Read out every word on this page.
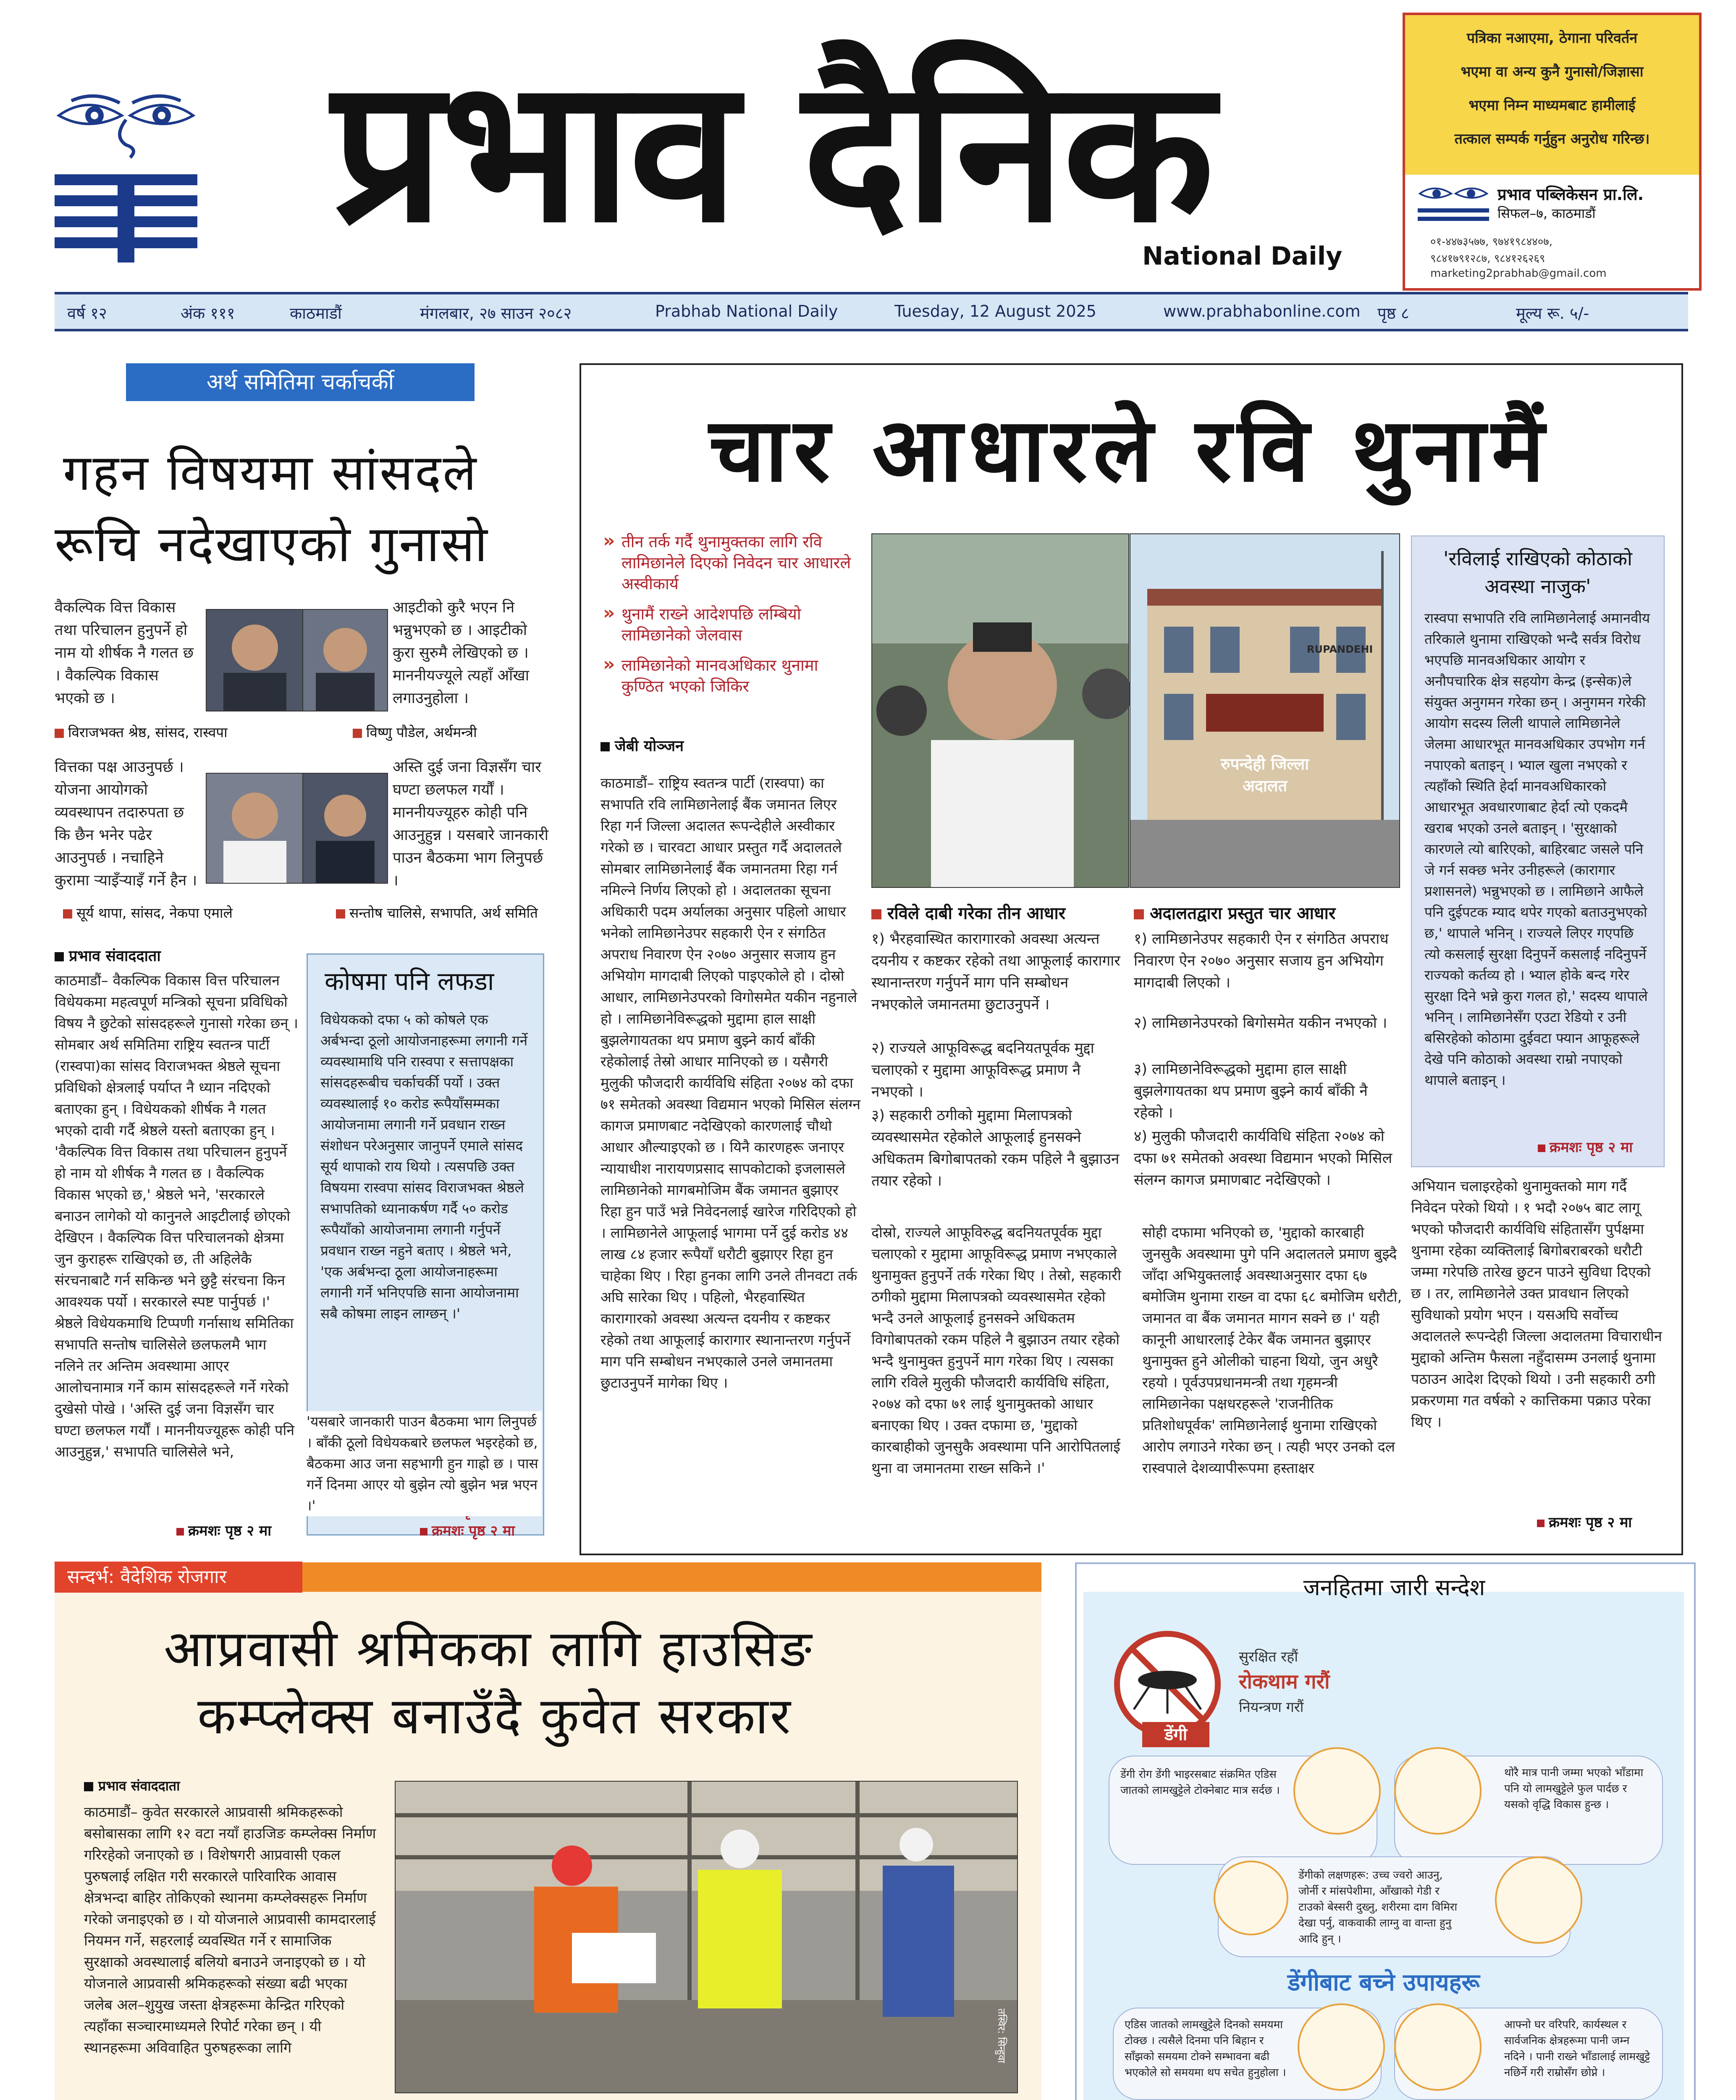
प्रभाव दैनिक
National Daily
पत्रिका नआएमा, ठेगाना परिवर्तन
भएमा वा अन्य कुनै गुनासो/जिज्ञासा
भएमा निम्न माध्यमबाट हामीलाई
तत्काल सम्पर्क गर्नुहुन अनुरोध गरिन्छ।
प्रभाव पब्लिकेसन प्रा.लि.
सिफल–७, काठमाडौं
०१-४४७३५७७, ९७४१९८४४०७,
९८४१७९१२८७, ९८४१२६२६९
marketing2prabhab@gmail.com
वर्ष १२	अंक १११	काठमाडौं	मंगलबार, २७ साउन २०८२	Prabhab National Daily	Tuesday, 12 August 2025	www.prabhabonline.com पृष्ठ ८	मूल्य रू. ५/-
अर्थ समितिमा चर्काचर्की
गहन विषयमा सांसदले
रूचि नदेखाएको गुनासो
वैकल्पिक वित्त विकास तथा परिचालन हुनुपर्ने हो नाम यो शीर्षक नै गलत छ । वैकल्पिक विकास भएको छ ।
विराजभक्त श्रेष्ठ, सांसद, रास्वपा
आइटीको कुरै भएन नि भन्नुभएको छ । आइटीको कुरा सुरुमै लेखिएको छ । माननीयज्यूले त्यहाँ आँखा लगाउनुहोला ।
विष्णु पौडेल, अर्थमन्त्री
वित्तका पक्ष आउनुपर्छ । योजना आयोगको व्यवस्थापन तदारुपता छ कि छैन भनेर पढेर आउनुपर्छ । नचाहिने कुरामा ऱ्याइँऱ्याइँ गर्ने हैन ।
सूर्य थापा, सांसद, नेकपा एमाले
अस्ति दुई जना विज्ञसँग चार घण्टा छलफल गर्यौं । माननीयज्यूहरु कोही पनि आउनुहुन्न । यसबारे जानकारी पाउन बैठकमा भाग लिनुपर्छ ।
सन्तोष चालिसे, सभापति, अर्थ समिति
प्रभाव संवाददाता
काठमाडौं– वैकल्पिक विकास वित्त परिचालन विधेयकमा महत्वपूर्ण मन्त्रिको सूचना प्रविधिको विषय नै छुटेको सांसदहरूले गुनासो गरेका छन् । सोमबार अर्थ समितिमा राष्ट्रिय स्वतन्त्र पार्टी (रास्वपा)का सांसद विराजभक्त श्रेष्ठले सूचना प्रविधिको क्षेत्रलाई पर्याप्त नै ध्यान नदिएको बताएका हुन् । विधेयकको शीर्षक नै गलत भएको दावी गर्दै श्रेष्ठले यस्तो बताएका हुन् । 'वैकल्पिक वित्त विकास तथा परिचालन हुनुपर्ने हो नाम यो शीर्षक नै गलत छ । वैकल्पिक विकास भएको छ,' श्रेष्ठले भने, 'सरकारले बनाउन लागेको यो कानुनले आइटीलाई छोएको देखिएन । वैकल्पिक वित्त परिचालनको क्षेत्रमा जुन कुराहरू राखिएको छ, ती अहिलेकै संरचनाबाटै गर्न सकिन्छ भने छुट्टै संरचना किन आवश्यक पर्यो । सरकारले स्पष्ट पार्नुपर्छ ।' श्रेष्ठले विधेयकमाथि टिप्पणी गर्नासाथ समितिका सभापति सन्तोष चालिसेले छलफलमै भाग नलिने तर अन्तिम अवस्थामा आएर आलोचनामात्र गर्ने काम सांसदहरूले गर्ने गरेको दुखेसो पोखे । 'अस्ति दुई जना विज्ञसँग चार घण्टा छलफल गर्यौं । माननीयज्यूहरू कोही पनि आउनुहुन्न,' सभापति चालिसेले भने,
कोषमा पनि लफडा
विधेयकको दफा ५ को कोषले एक अर्बभन्दा ठूलो आयोजनाहरूमा लगानी गर्ने व्यवस्थामाथि पनि रास्वपा र सत्तापक्षका सांसदहरूबीच चर्काचर्की पर्यो । उक्त व्यवस्थालाई १० करोड रूपैयाँसम्मका आयोजनामा लगानी गर्ने प्रवधान राख्न संशोधन परेअनुसार जानुपर्ने एमाले सांसद सूर्य थापाको राय थियो । त्यसपछि उक्त विषयमा रास्वपा सांसद विराजभक्त श्रेष्ठले सभापतिको ध्यानाकर्षण गर्दै ५० करोड रूपैयाँको आयोजनामा लगानी गर्नुपर्ने प्रवधान राख्न नहुने बताए । श्रेष्ठले भने, 'एक अर्बभन्दा ठूला आयोजनाहरूमा लगानी गर्ने भनिएपछि साना आयोजनामा सबै कोषमा लाइन लाग्छन् ।'
'यसबारे जानकारी पाउन बैठकमा भाग लिनुपर्छ । बाँकी ठूलो विधेयकबारे छलफल भइरहेको छ, बैठकमा आउ जना सहभागी हुन गाह्रो छ । पास गर्ने दिनमा आएर यो बुझेन त्यो बुझेन भन्न भएन ।'
क्रमशः पृष्ठ २ मा
क्रमशः पृष्ठ २ मा
चार आधारले रवि थुनामैं
» तीन तर्क गर्दै थुनामुक्तका लागि रवि लामिछानेले दिएको निवेदन चार आधारले अस्वीकार्य
» थुनामैं राख्ने आदेशपछि लम्बियो लामिछानेको जेलवास
» लामिछानेको मानवअधिकार थुनामा कुण्ठित भएको जिकिर
जेबी योञ्जन
काठमाडौं– राष्ट्रिय स्वतन्त्र पार्टी (रास्वपा) का सभापति रवि लामिछानेलाई बैंक जमानत लिएर रिहा गर्न जिल्ला अदालत रूपन्देहीले अस्वीकार गरेको छ । चारवटा आधार प्रस्तुत गर्दै अदालतले सोमबार लामिछानेलाई बैंक जमानतमा रिहा गर्न नमिल्ने निर्णय लिएको हो । अदालतका सूचना अधिकारी पदम अर्यालका अनुसार पहिलो आधार भनेको लामिछानेउपर सहकारी ऐन र संगठित अपराध निवारण ऐन २०७० अनुसार सजाय हुन अभियोग मागदाबी लिएको पाइएकोले हो । दोस्रो आधार, लामिछानेउपरको विगोसमेत यकीन नहुनाले हो । लामिछानेविरूद्धको मुद्दामा हाल साक्षी बुझलेगायतका थप प्रमाण बुझ्ने कार्य बाँकी रहेकोलाई तेस्रो आधार मानिएको छ । यसैगरी मुलुकी फौजदारी कार्यविधि संहिता २०७४ को दफा ७१ समेतको अवस्था विद्यमान भएको मिसिल संलग्न कागज प्रमाणबाट नदेखिएको कारणलाई चौथो आधार औल्याइएको छ । यिनै कारणहरू जनाएर न्यायाधीश नारायणप्रसाद सापकोटाको इजलासले लामिछानेको मागबमोजिम बैंक जमानत बुझाएर रिहा हुन पाउँ भन्ने निवेदनलाई खारेज गरिदिएको हो । लामिछानेले आफूलाई भागमा पर्ने दुई करोड ४४ लाख ८४ हजार रूपैयाँ धरौटी बुझाएर रिहा हुन चाहेका थिए । रिहा हुनका लागि उनले तीनवटा तर्क अघि सारेका थिए । पहिलो, भैरहवास्थित कारागारको अवस्था अत्यन्त दयनीय र कष्टकर रहेको तथा आफूलाई कारागार स्थानान्तरण गर्नुपर्ने माग पनि सम्बोधन नभएकाले उनले जमानतमा छुटाउनुपर्ने मागेका थिए ।
रुपन्देही जिल्ला अदालत
RUPANDEHI
रविले दाबी गरेका तीन आधार
१) भैरहवास्थित कारागारको अवस्था अत्यन्त दयनीय र कष्टकर रहेको तथा आफूलाई कारागार स्थानान्तरण गर्नुपर्ने माग पनि सम्बोधन नभएकोले जमानतमा छुटाउनुपर्ने ।
२) राज्यले आफूविरूद्ध बदनियतपूर्वक मुद्दा चलाएको र मुद्दामा आफूविरूद्ध प्रमाण नै नभएको ।
३) सहकारी ठगीको मुद्दामा मिलापत्रको व्यवस्थासमेत रहेकोले आफूलाई हुनसक्ने अधिकतम बिगोबापतको रकम पहिले नै बुझाउन तयार रहेको ।
अदालतद्वारा प्रस्तुत चार आधार
१) लामिछानेउपर सहकारी ऐन र संगठित अपराध निवारण ऐन २०७० अनुसार सजाय हुन अभियोग मागदाबी लिएको ।
२) लामिछानेउपरको बिगोसमेत यकीन नभएको ।
३) लामिछानेविरूद्धको मुद्दामा हाल साक्षी बुझलेगायतका थप प्रमाण बुझ्ने कार्य बाँकी नै रहेको ।
४) मुलुकी फौजदारी कार्यविधि संहिता २०७४ को दफा ७१ समेतको अवस्था विद्यमान भएको मिसिल संलग्न कागज प्रमाणबाट नदेखिएको ।
'रविलाई राखिएको कोठाको अवस्था नाजुक'
रास्वपा सभापति रवि लामिछानेलाई अमानवीय तरिकाले थुनामा राखिएको भन्दै सर्वत्र विरोध भएपछि मानवअधिकार आयोग र अनौपचारिक क्षेत्र सहयोग केन्द्र (इन्सेक)ले संयुक्त अनुगमन गरेका छन् । अनुगमन गरेकी आयोग सदस्य लिली थापाले लामिछानेले जेलमा आधारभूत मानवअधिकार उपभोग गर्न नपाएको बताइन् । भ्याल खुला नभएको र त्यहाँको स्थिति हेर्दा मानवअधिकारको आधारभूत अवधारणाबाट हेर्दा त्यो एकदमै खराब भएको उनले बताइन् । 'सुरक्षाको कारणले त्यो बारिएको, बाहिरबाट जसले पनि जे गर्न सक्छ भनेर उनीहरूले (कारागार प्रशासनले) भन्नुभएको छ । लामिछाने आफैले पनि दुईपटक म्याद थपेर गएको बताउनुभएको छ,' थापाले भनिन् । राज्यले लिएर गएपछि त्यो कसलाई सुरक्षा दिनुपर्ने कसलाई नदिनुपर्ने राज्यको कर्तव्य हो । भ्याल होके बन्द गरेर सुरक्षा दिने भन्ने कुरा गलत हो,' सदस्य थापाले भनिन् । लामिछानेसँग एउटा रेडियो र उनी बसिरहेको कोठामा दुईवटा फ्यान आफूहरूले देखे पनि कोठाको अवस्था राम्रो नपाएको थापाले बताइन् ।
क्रमशः पृष्ठ २ मा
दोस्रो, राज्यले आफूविरुद्ध बदनियतपूर्वक मुद्दा चलाएको र मुद्दामा आफूविरूद्ध प्रमाण नभएकाले थुनामुक्त हुनुपर्ने तर्क गरेका थिए । तेस्रो, सहकारी ठगीको मुद्दामा मिलापत्रको व्यवस्थासमेत रहेको भन्दै उनले आफूलाई हुनसक्ने अधिकतम विगोबापतको रकम पहिले नै बुझाउन तयार रहेको भन्दै थुनामुक्त हुनुपर्ने माग गरेका थिए । त्यसका लागि रविले मुलुकी फौजदारी कार्यविधि संहिता, २०७४ को दफा ७१ लाई थुनामुक्तको आधार बनाएका थिए । उक्त दफामा छ, 'मुद्दाको कारबाहीको जुनसुकै अवस्थामा पनि आरोपितलाई थुना वा जमानतमा राख्न सकिने ।'
सोही दफामा भनिएको छ, 'मुद्दाको कारबाही जुनसुकै अवस्थामा पुगे पनि अदालतले प्रमाण बुझ्दै जाँदा अभियुक्तलाई अवस्थाअनुसार दफा ६७ बमोजिम थुनामा राख्न वा दफा ६८ बमोजिम धरौटी, जमानत वा बैंक जमानत मागन सक्ने छ ।' यही कानूनी आधारलाई टेकेर बैंक जमानत बुझाएर थुनामुक्त हुने ओलीको चाहना थियो, जुन अधुरै रहयो । पूर्वउपप्रधानमन्त्री तथा गृहमन्त्री लामिछानेका पक्षधरहरूले 'राजनीतिक प्रतिशोधपूर्वक' लामिछानेलाई थुनामा राखिएको आरोप लगाउने गरेका छन् । त्यही भएर उनको दल रास्वपाले देशव्यापीरूपमा हस्ताक्षर
अभियान चलाइरहेको थुनामुक्तको माग गर्दै निवेदन परेको थियो । १ भदौ २०७५ बाट लागू भएको फौजदारी कार्यविधि संहितासँग पुर्पक्षमा थुनामा रहेका व्यक्तिलाई बिगोबराबरको धरौटी जम्मा गरेपछि तारेख छुटन पाउने सुविधा दिएको छ । तर, लामिछानेले उक्त प्रावधान लिएको सुविधाको प्रयोग भएन । यसअघि सर्वोच्च अदालतले रूपन्देही जिल्ला अदालतमा विचाराधीन मुद्दाको अन्तिम फैसला नहुँदासम्म उनलाई थुनामा पठाउन आदेश दिएको थियो । उनी सहकारी ठगी प्रकरणमा गत वर्षको २ कात्तिकमा पक्राउ परेका थिए ।
क्रमशः पृष्ठ २ मा
सन्दर्भ: वैदेशिक रोजगार
आप्रवासी श्रमिकका लागि हाउसिङ
कम्प्लेक्स बनाउँदै कुवेत सरकार
प्रभाव संवाददाता
काठमाडौं– कुवेत सरकारले आप्रवासी श्रमिकहरूको बसोबासका लागि १२ वटा नयाँ हाउजिङ कम्प्लेक्स निर्माण गरिरहेको जनाएको छ । विशेषगरी आप्रवासी एकल पुरुषलाई लक्षित गरी सरकारले पारिवारिक आवास क्षेत्रभन्दा बाहिर तोकिएको स्थानमा कम्प्लेक्सहरू निर्माण गरेको जनाइएको छ । यो योजनाले आप्रवासी कामदारलाई नियमन गर्ने, सहरलाई व्यवस्थित गर्ने र सामाजिक सुरक्षाको अवस्थालाई बलियो बनाउने जनाइएको छ । यो योजनाले आप्रवासी श्रमिकहरूको संख्या बढी भएका जलेब अल–शुयुख जस्ता क्षेत्रहरूमा केन्द्रित गरिएको त्यहाँका सञ्चारमाध्यमले रिपोर्ट गरेका छन् । यी स्थानहरूमा अविवाहित पुरुषहरूका लागि	तस्विर: सिन्हुवा
जनहितमा जारी सन्देश
डेंगी
सुरक्षित रहौं
रोकथाम गरौं
नियन्त्रण गरौं
डेंगी रोग डेंगी भाइरसबाट संक्रमित एडिस जातको लामखुट्टेले टोक्नेबाट मात्र सर्दछ ।
थोरै मात्र पानी जम्मा भएको भाँडामा पनि यो लामखुट्टेले फुल पार्दछ र यसको वृद्धि विकास हुन्छ ।
डेंगीको लक्षणहरू: उच्च ज्वरो आउनु, जोर्नी र मांसपेशीमा, आँखाको गेडी र टाउको बेस्सरी दुख्नु, शरीरमा दाग विमिरा देखा पर्नु, वाकवाकी लाग्नु वा वान्ता हुनु आदि हुन् ।
डेंगीबाट बच्ने उपायहरू
एडिस जातको लामखुट्टेले दिनको समयमा टोक्छ । त्यसैले दिनमा पनि बिहान र साँझको समयमा टोक्ने सम्भावना बढी भएकोले सो समयमा थप सचेत हुनुहोला ।
आफ्नो घर वरिपरि, कार्यस्थल र सार्वजनिक क्षेत्रहरूमा पानी जम्न नदिने । पानी राख्ने भाँडालाई लामखुट्टे नछिर्ने गरी राम्रोसँग छोप्ने ।
